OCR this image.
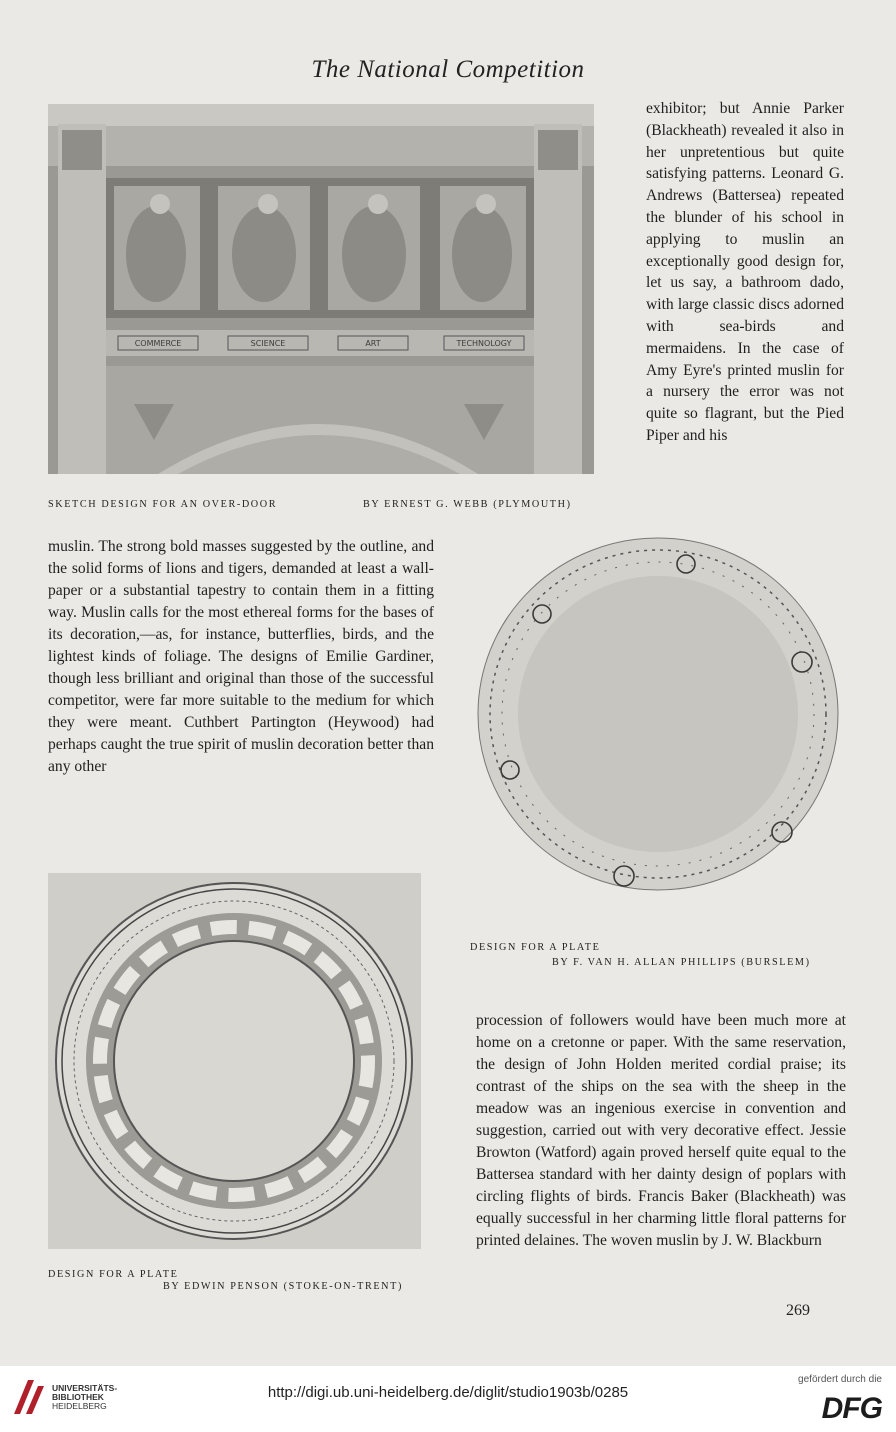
The National Competition
COMMERCE	SCIENCE	ART	TECHNOLOGY
SKETCH DESIGN FOR AN OVER-DOOR	BY ERNEST G. WEBB (PLYMOUTH)

exhibitor; but Annie Parker (Blackheath) revealed it also in her unpretentious but quite satisfying patterns. Leonard G. Andrews (Battersea) repeated the blunder of his school in applying to muslin an exceptionally good design for, let us say, a bathroom dado, with large classic discs adorned with sea-birds and mermaidens. In the case of Amy Eyre's printed muslin for a nursery the error was not quite so flagrant, but the Pied Piper and his

muslin. The strong bold masses suggested by the outline, and the solid forms of lions and tigers, demanded at least a wall-paper or a substantial tapestry to contain them in a fitting way. Muslin calls for the most ethereal forms for the bases of its decoration,—as, for instance, butterflies, birds, and the lightest kinds of foliage. The designs of Emilie Gardiner, though less brilliant and original than those of the successful competitor, were far more suitable to the medium for which they were meant. Cuthbert Partington (Heywood) had perhaps caught the true spirit of muslin decoration better than any other

DESIGN FOR A PLATE
BY F. VAN H. ALLAN PHILLIPS (BURSLEM)
DESIGN FOR A PLATE
BY EDWIN PENSON (STOKE-ON-TRENT)

procession of followers would have been much more at home on a cretonne or paper. With the same reservation, the design of John Holden merited cordial praise; its contrast of the ships on the sea with the sheep in the meadow was an ingenious exercise in convention and suggestion, carried out with very decorative effect. Jessie Browton (Watford) again proved herself quite equal to the Battersea standard with her dainty design of poplars with circling flights of birds. Francis Baker (Blackheath) was equally successful in her charming little floral patterns for printed delaines. The woven muslin by J. W. Blackburn

269
UNIVERSITÄTS-
BIBLIOTHEK
HEIDELBERG
http://digi.ub.uni-heidelberg.de/diglit/studio1903b/0285
gefördert durch die
DFG
